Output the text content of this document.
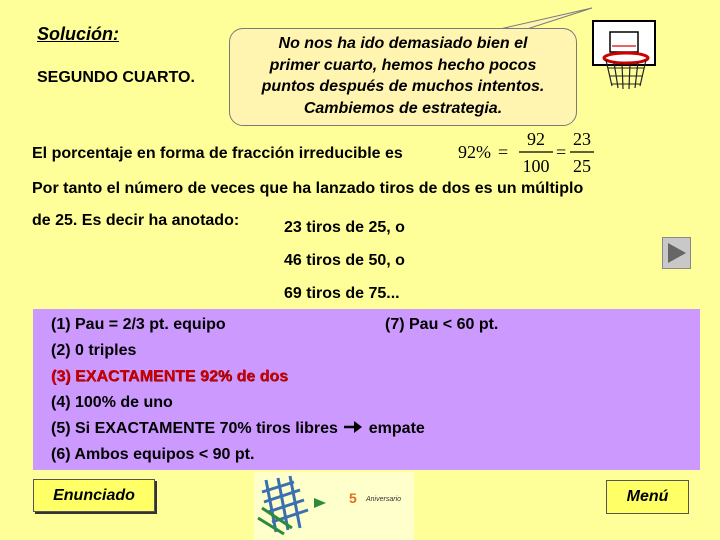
Solución:
SEGUNDO CUARTO.
No nos ha ido demasiado bien el
primer cuarto, hemos hecho pocos
puntos después de muchos intentos.
Cambiemos de estrategia.
El porcentaje en forma de fracción irreducible es	92% =
92
100
=
23
25
Por tanto el número de veces que ha lanzado tiros de dos es un múltiplo
de 25. Es decir ha anotado:	23 tiros de 25, o
46 tiros de 50, o
69 tiros de 75...
(1) Pau = 2/3 pt. equipo
(2) 0 triples
(3) EXACTAMENTE 92% de dos
(4) 100% de uno
(5) Si EXACTAMENTE 70% tiros libres empate
(6) Ambos equipos < 90 pt.
(7) Pau < 60 pt.
Enunciado	Menú
5 Aniversario
